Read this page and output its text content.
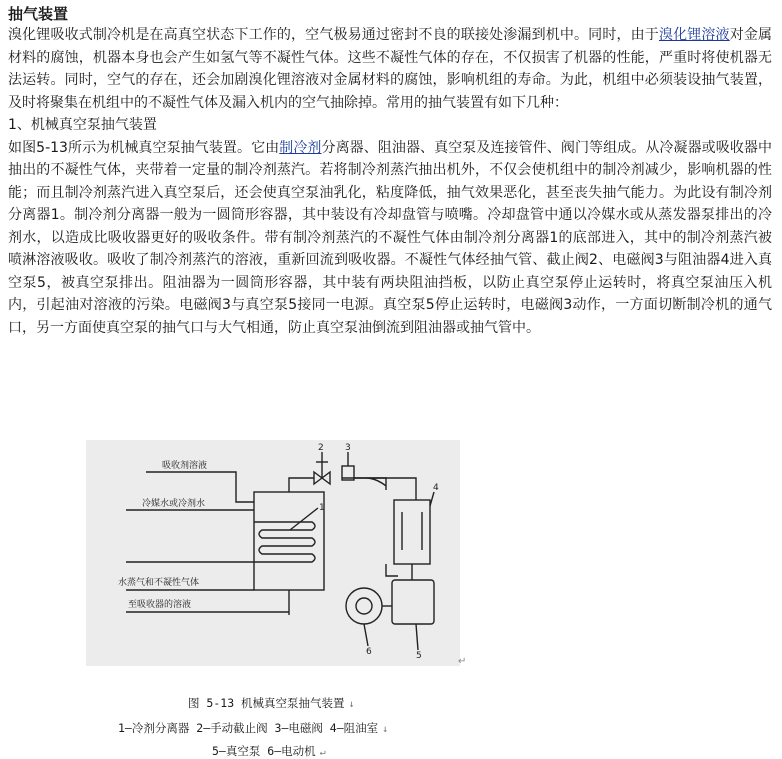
抽气装置

溴化锂吸收式制冷机是在高真空状态下工作的，空气极易通过密封不良的联接处渗漏到机中。同时，由于溴化锂溶液对金属材料的腐蚀，机器本身也会产生如氢气等不凝性气体。这些不凝性气体的存在，不仅损害了机器的性能，严重时将使机器无法运转。同时，空气的存在，还会加剧溴化锂溶液对金属材料的腐蚀，影响机组的寿命。为此，机组中必须装设抽气装置，及时将聚集在机组中的不凝性气体及漏入机内的空气抽除掉。常用的抽气装置有如下几种：

1、机械真空泵抽气装置

如图5-13所示为机械真空泵抽气装置。它由制冷剂分离器、阻油器、真空泵及连接管件、阀门等组成。从冷凝器或吸收器中抽出的不凝性气体，夹带着一定量的制冷剂蒸汽。若将制冷剂蒸汽抽出机外，不仅会使机组中的制冷剂减少，影响机器的性能；而且制冷剂蒸汽进入真空泵后，还会使真空泵油乳化，粘度降低，抽气效果恶化，甚至丧失抽气能力。为此设有制冷剂分离器1。制冷剂分离器一般为一圆筒形容器，其中装设有冷却盘管与喷嘴。冷却盘管中通以冷媒水或从蒸发器泵排出的冷剂水，以造成比吸收器更好的吸收条件。带有制冷剂蒸汽的不凝性气体由制冷剂分离器1的底部进入，其中的制冷剂蒸汽被喷淋溶液吸收。吸收了制冷剂蒸汽的溶液，重新回流到吸收器。不凝性气体经抽气管、截止阀2、电磁阀3与阻油器4进入真空泵5，被真空泵排出。阻油器为一圆筒形容器，其中装有两块阻油挡板，以防止真空泵停止运转时，将真空泵油压入机内，引起油对溶液的污染。电磁阀3与真空泵5接同一电源。真空泵5停止运转时，电磁阀3动作，一方面切断制冷机的通气口，另一方面使真空泵的抽气口与大气相通，防止真空泵油倒流到阻油器或抽气管中。

吸收剂溶液
冷媒水或冷剂水
水蒸气和不凝性气体
至吸收器的溶液
1
2 3
4
5
6
↵
图 5-13 机械真空泵抽气装置 ↓
1—冷剂分离器 2—手动截止阀 3—电磁阀 4—阻油室 ↓
5—真空泵 6—电动机 ↵
